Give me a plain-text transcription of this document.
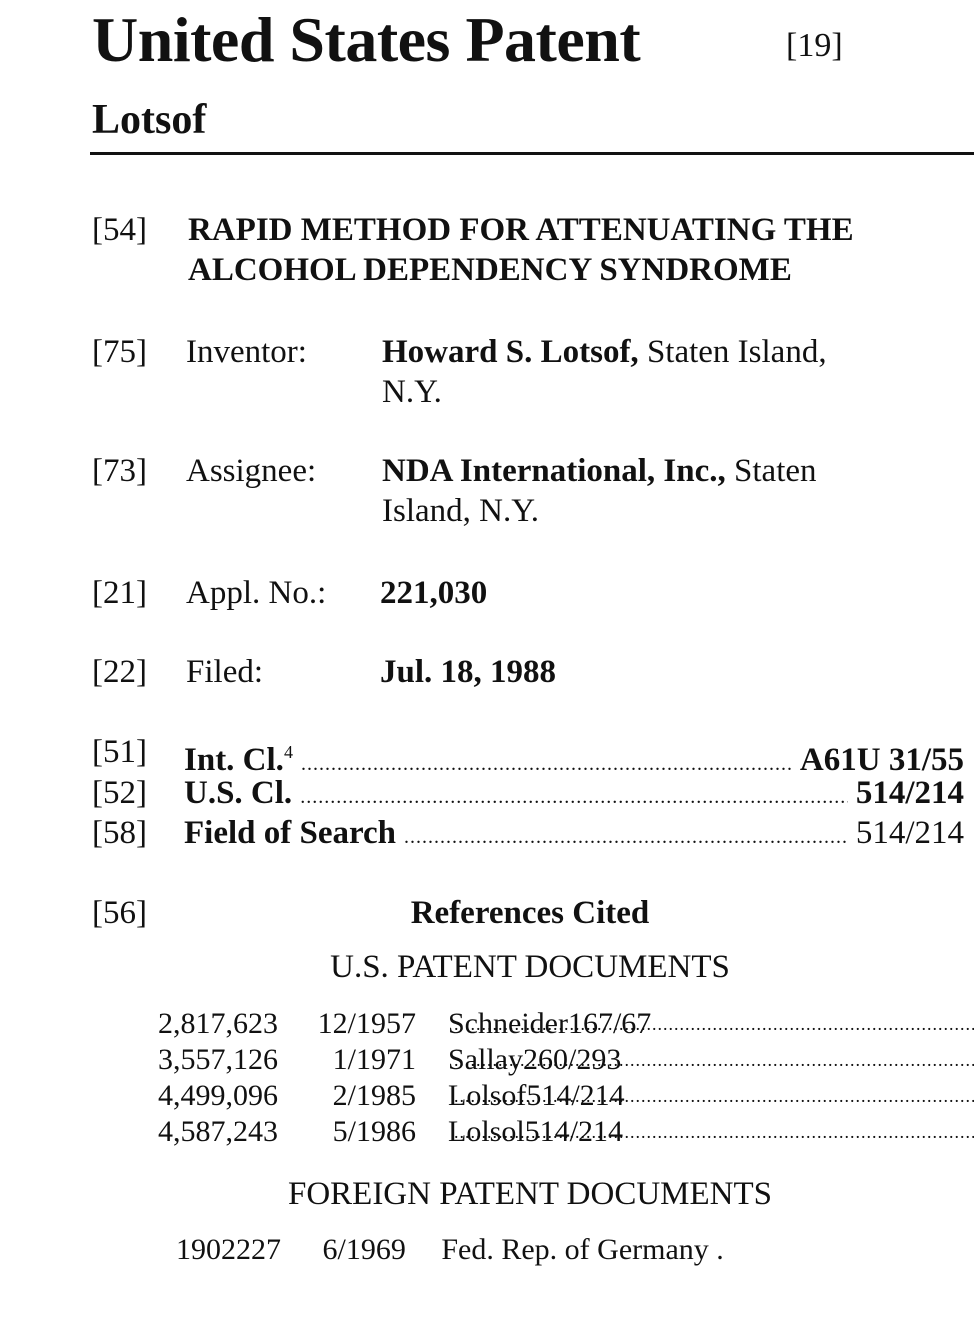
United States Patent	[19]
Lotsof
[54] RAPID METHOD FOR ATTENUATING THE
ALCOHOL DEPENDENCY SYNDROME
[75] Inventor: Howard S. Lotsof, Staten Island,
N.Y.
[73] Assignee: NDA International, Inc., Staten
Island, N.Y.
[21] Appl. No.: 221,030
[22] Filed:	Jul. 18, 1988
[51] Int. Cl.$^4$ .....	A61U 31/55
[52] U.S. Cl. .....	514/214
[58] Field of Search .....	514/214
[56]	References Cited
U.S. PATENT DOCUMENTS
2,817,623 12/1957 Schneider ..... 167/67
3,557,126 1/1971 Sallay ..... 260/293
4,499,096 2/1985 Lolsof ..... 514/214
4,587,243 5/1986 Lolsol ..... 514/214
FOREIGN PATENT DOCUMENTS
1902227 6/1969 Fed. Rep. of Germany .
